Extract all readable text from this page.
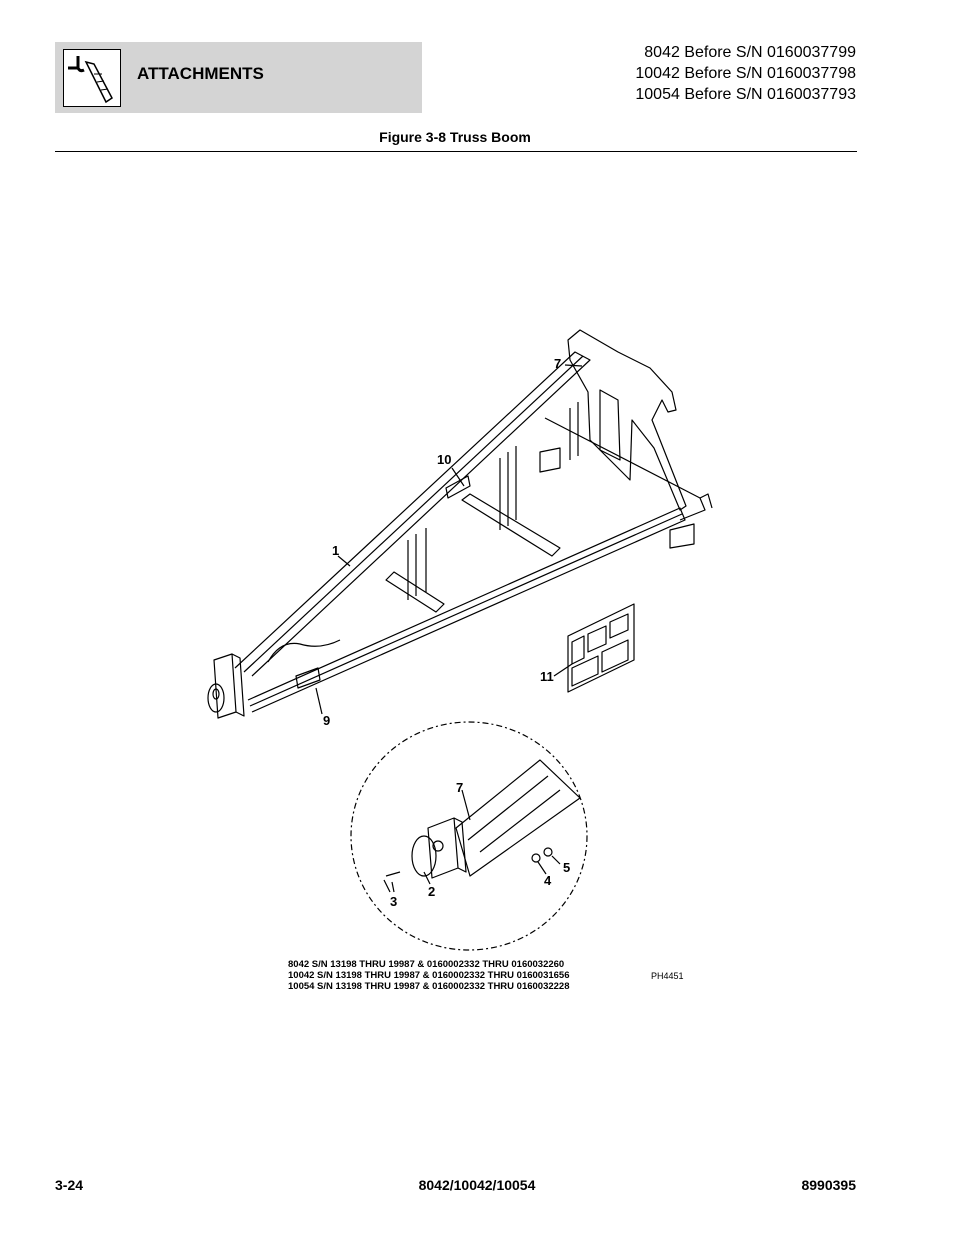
ATTACHMENTS
8042 Before S/N 0160037799
10042 Before S/N 0160037798
10054 Before S/N 0160037793
Figure 3-8 Truss Boom
7
10
1
11
9
7
5
4
2
3
8042 S/N 13198 THRU 19987 & 0160002332 THRU 0160032260
10042 S/N 13198 THRU 19987 & 0160002332 THRU 0160031656
10054 S/N 13198 THRU 19987 & 0160002332 THRU 0160032228
PH4451
3-24	8042/10042/10054	8990395
